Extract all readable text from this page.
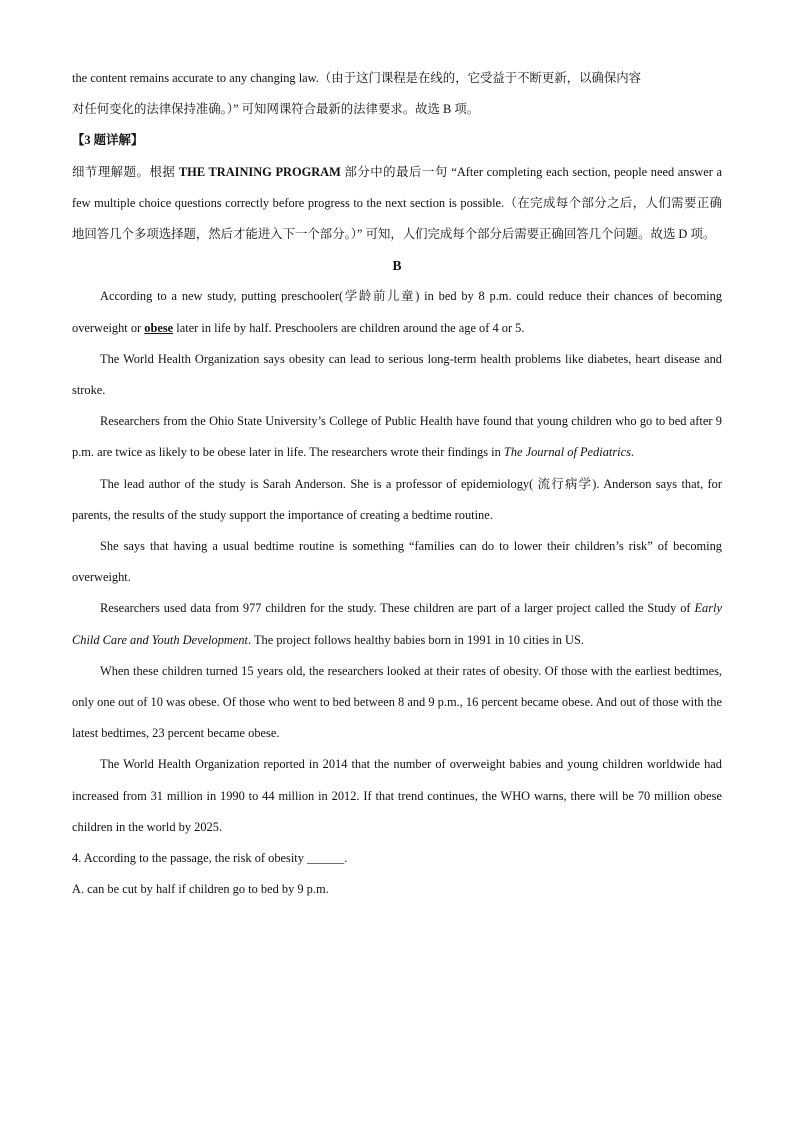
the content remains accurate to any changing law.（由于这门课程是在线的，它受益于不断更新，以确保内容

对任何变化的法律保持准确。）” 可知网课符合最新的法律要求。故选 B 项。

【3 题详解】

细节理解题。根据 THE TRAINING PROGRAM 部分中的最后一句 “After completing each section, people need answer a few multiple choice questions correctly before progress to the next section is possible.（在完成每个部分之后，人们需要正确地回答几个多项选择题，然后才能进入下一个部分。）” 可知，人们完成每个部分后需要正确回答几个问题。故选 D 项。

B

According to a new study, putting preschooler(学龄前儿童) in bed by 8 p.m. could reduce their chances of becoming overweight or obese later in life by half. Preschoolers are children around the age of 4 or 5.

The World Health Organization says obesity can lead to serious long-term health problems like diabetes, heart disease and stroke.

Researchers from the Ohio State University’s College of Public Health have found that young children who go to bed after 9 p.m. are twice as likely to be obese later in life. The researchers wrote their findings in The Journal of Pediatrics.

The lead author of the study is Sarah Anderson. She is a professor of epidemiology( 流行病学). Anderson says that, for parents, the results of the study support the importance of creating a bedtime routine.

She says that having a usual bedtime routine is something “families can do to lower their children’s risk” of becoming overweight.

Researchers used data from 977 children for the study. These children are part of a larger project called the Study of Early Child Care and Youth Development. The project follows healthy babies born in 1991 in 10 cities in US.

When these children turned 15 years old, the researchers looked at their rates of obesity. Of those with the earliest bedtimes, only one out of 10 was obese. Of those who went to bed between 8 and 9 p.m., 16 percent became obese. And out of those with the latest bedtimes, 23 percent became obese.

The World Health Organization reported in 2014 that the number of overweight babies and young children worldwide had increased from 31 million in 1990 to 44 million in 2012. If that trend continues, the WHO warns, there will be 70 million obese children in the world by 2025.

4. According to the passage, the risk of obesity ______.

A. can be cut by half if children go to bed by 9 p.m.
